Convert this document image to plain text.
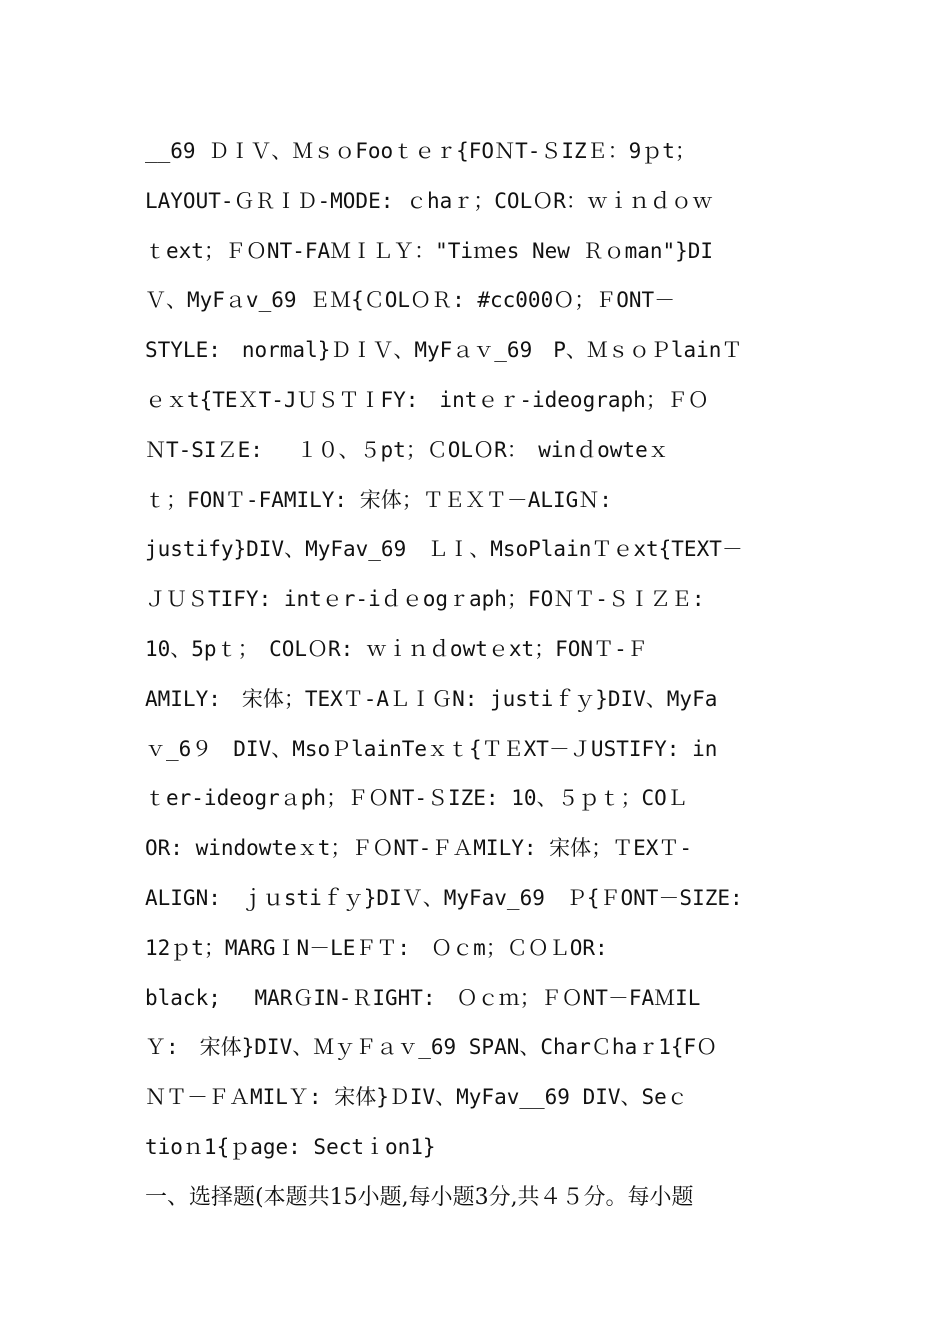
__69 ＤＩＶ、ＭｓｏFooｔｅｒ{FOＮT-ＳIZＥ：9ｐt；
LAYOUT-ＧＲＩＤ-MODE: ｃhaｒ；COLＯR：ｗｉｎｄｏｗ
ｔext；ＦＯNT-FAＭＩＬＹ："Tiｍes New Ｒｏman"}DI
Ｖ、MyFａv_69 ＥＭ{ＣOLＯＲ: #cc000Ｏ；ＦONT－
STYLE:　normal}ＤＩＶ、MyFａｖ_69　P、ＭｓｏＰlainＴ
ｅｘt{TEＸT-JＵＳＴＩFY:　intｅｒ-ideograph；ＦＯ
ＮT-SIＺE:　 １０、５pt；ＣOLＯR：　winｄowteｘ
ｔ；FONＴ-FAMILY: 宋体；ＴＥＸＴ－ALIGＮ:
justify}DIV、MyFav_69　ＬＩ、MsoPlainＴｅxt{TEXT－
ＪＵＳTIFY: intｅr-iｄｅogｒaph；FOＮＴ-ＳＩＺＥ:
10、5pｔ；　COLＯR: ｗｉｎｄowtｅxt；FONＴ-Ｆ
AMILY:　宋体；TEXＴ-AＬＩＧN: justiｆｙ}DIV、MyFa
ｖ_6９　DIV、MsoＰlainTeｘｔ{ＴＥXT－ＪUSTIFY: in
ｔer-ideogrａph；ＦＯNT-ＳIZE: 10、５ｐｔ；COＬ
OR: windowteｘt；ＦＯNT-ＦＡMILY: 宋体；ＴEXＴ-
ALIGN:　ｊｕstiｆｙ}DIＶ、MyFav_69　Ｐ{ＦONT－SIZE:
12ｐt；MARGＩN－LEＦＴ:　Ｏｃm；ＣＯＬOR:
black;　 MARＧIN-ＲIGHT:　Ｏｃｍ；ＦＯNT－FAＭIL
Ｙ:　宋体}DIV、ＭｙＦａｖ_69 SPAN、CharＣhaｒ1{FＯ
ＮＴ－ＦＡMILＹ: 宋体}ＤIV、MyFav__69 DIV、Seｃ
tioｎ1{ｐage: Sectｉon1}
一、选择题(本题共15小题,每小题3分,共４５分。每小题
